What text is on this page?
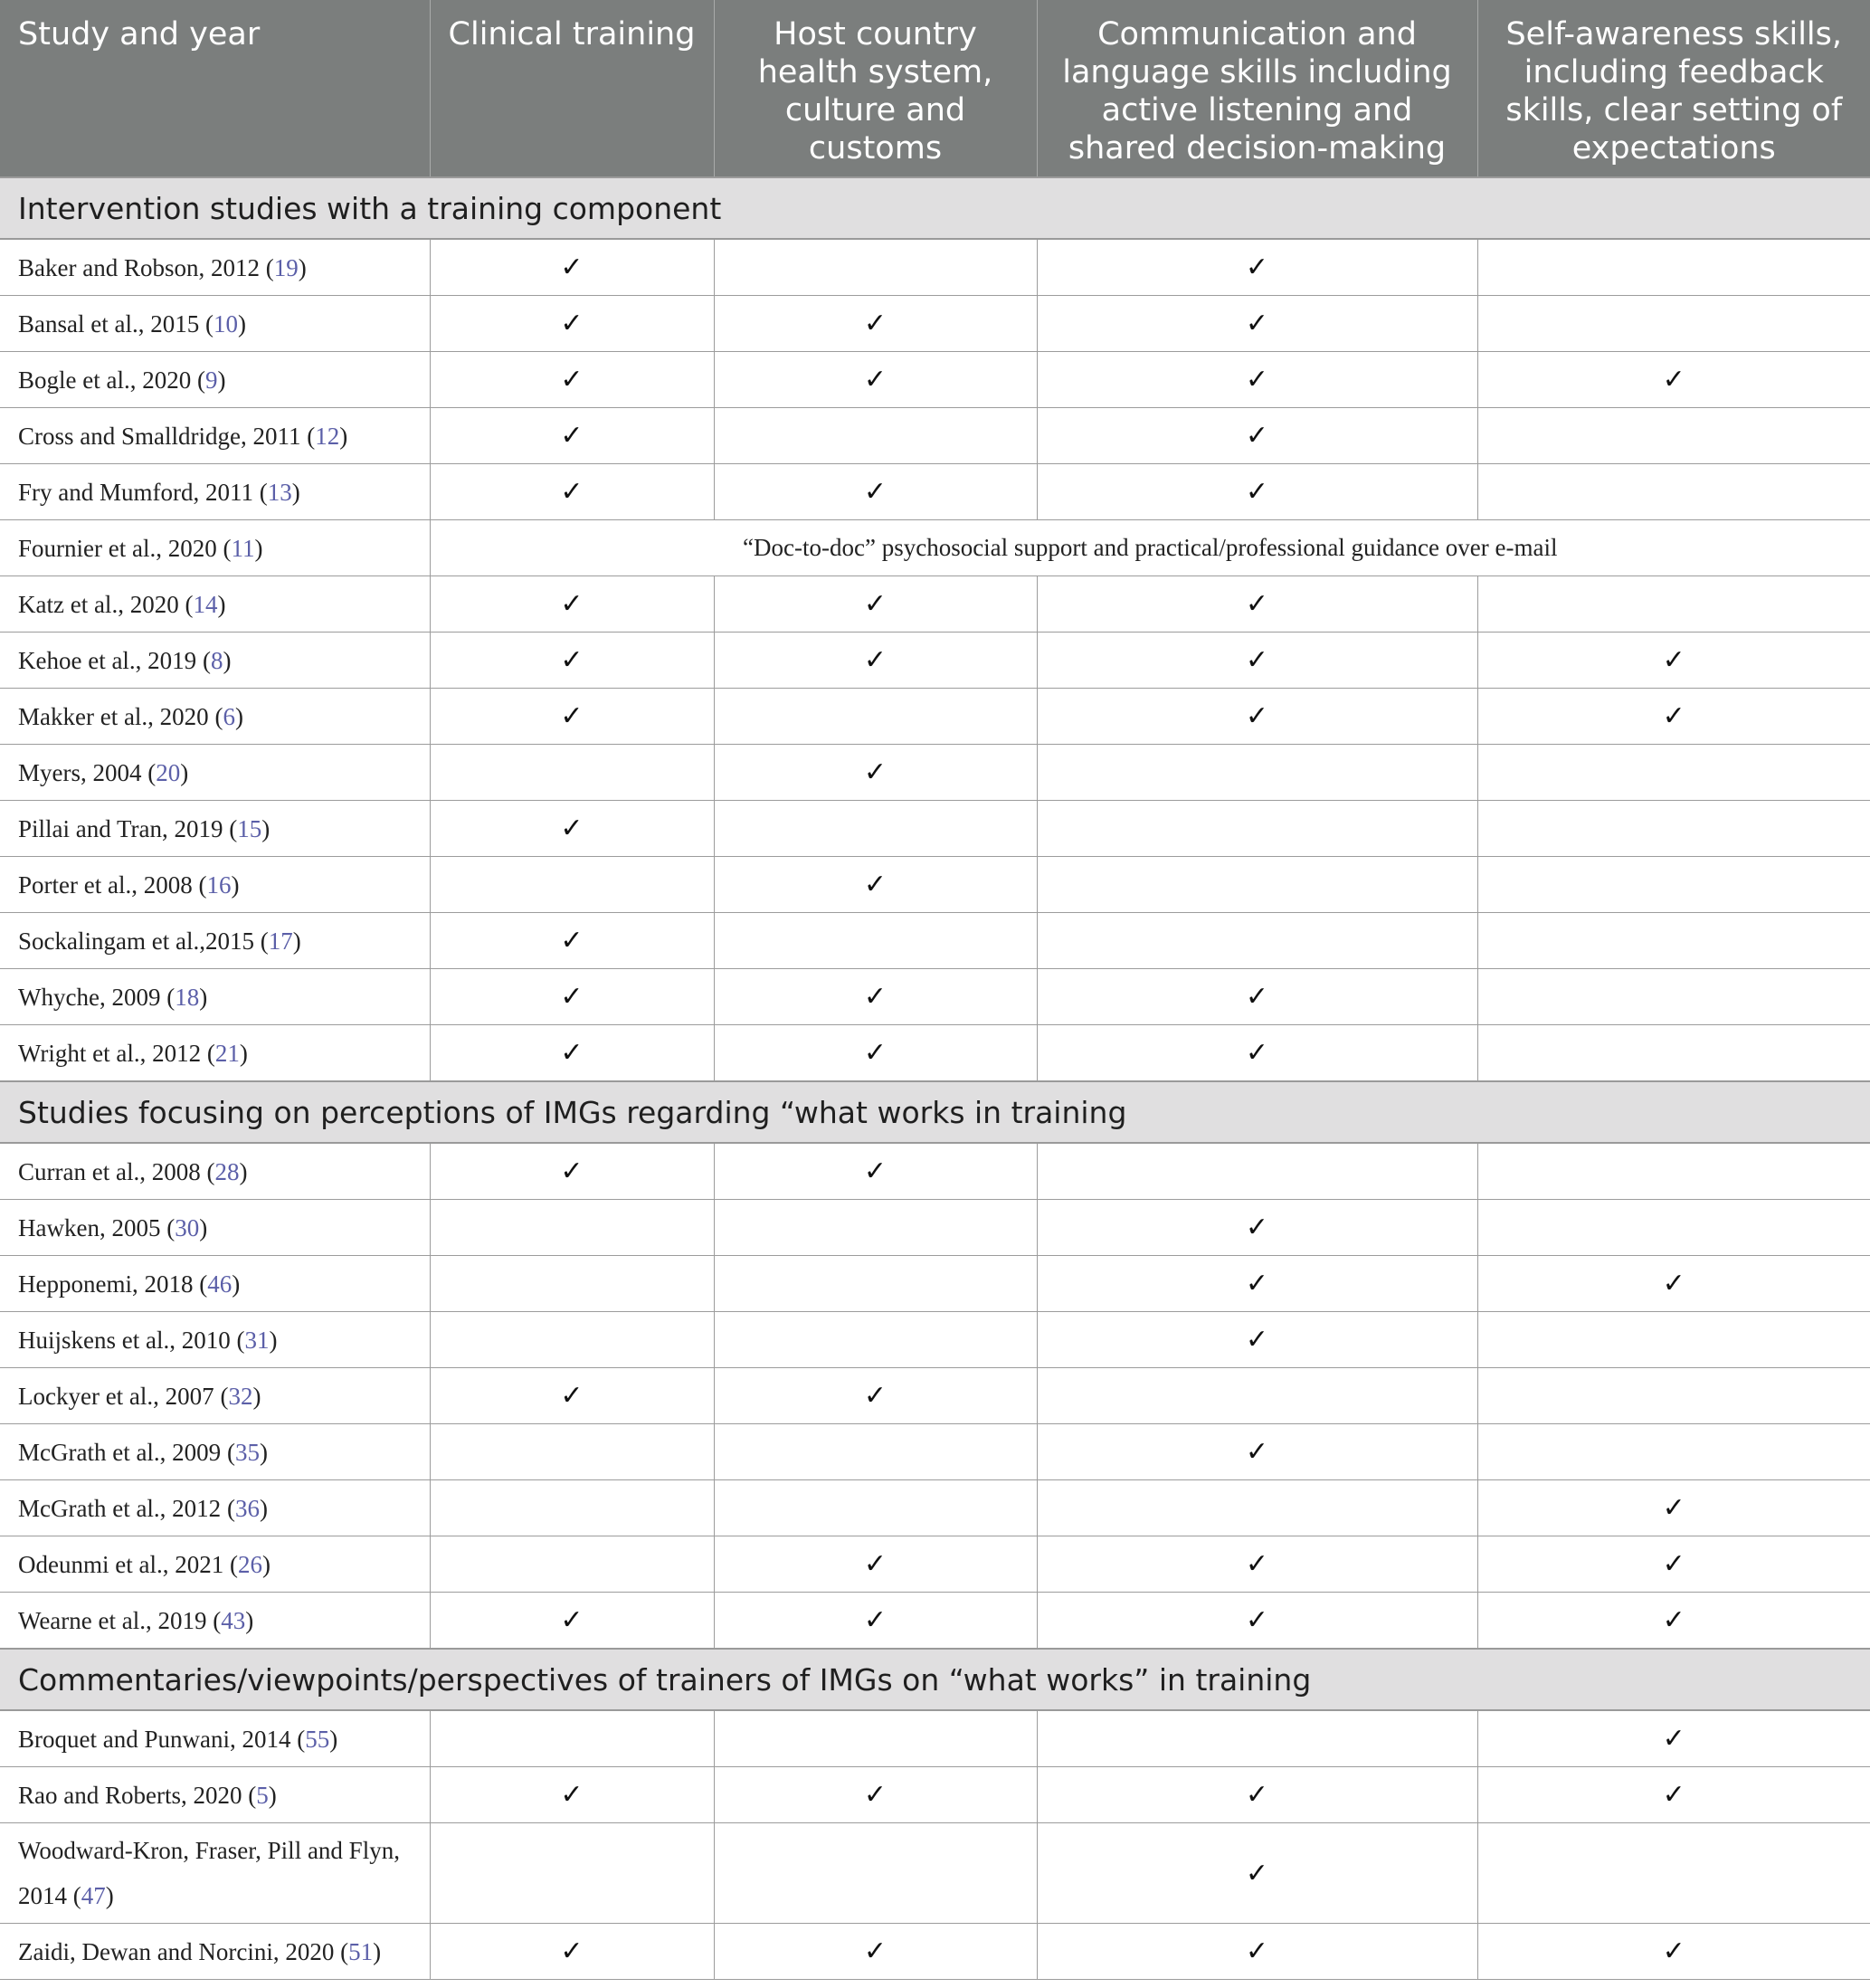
Study and year	Clinical training	Host country health system, culture and customs	Communication and language skills including active listening and shared decision-making	Self-awareness skills, including feedback skills, clear setting of expectations
Intervention studies with a training component				
Baker and Robson, 2012 (19)	✓		✓	
Bansal et al., 2015 (10)	✓	✓	✓	
Bogle et al., 2020 (9)	✓	✓	✓	✓
Cross and Smalldridge, 2011 (12)	✓		✓	
Fry and Mumford, 2011 (13)	✓	✓	✓	
Fournier et al., 2020 (11)	“Doc-to-doc” psychosocial support and practical/professional guidance over e-mail			
Katz et al., 2020 (14)	✓	✓	✓	
Kehoe et al., 2019 (8)	✓	✓	✓	✓
Makker et al., 2020 (6)	✓		✓	✓
Myers, 2004 (20)		✓		
Pillai and Tran, 2019 (15)	✓			
Porter et al., 2008 (16)		✓		
Sockalingam et al.,2015 (17)	✓			
Whyche, 2009 (18)	✓	✓	✓	
Wright et al., 2012 (21)	✓	✓	✓	
Studies focusing on perceptions of IMGs regarding “what works in training				
Curran et al., 2008 (28)	✓	✓		
Hawken, 2005 (30)			✓	
Hepponemi, 2018 (46)			✓	✓
Huijskens et al., 2010 (31)			✓	
Lockyer et al., 2007 (32)	✓	✓		
McGrath et al., 2009 (35)			✓	
McGrath et al., 2012 (36)				✓
Odeunmi et al., 2021 (26)		✓	✓	✓
Wearne et al., 2019 (43)	✓	✓	✓	✓
Commentaries/viewpoints/perspectives of trainers of IMGs on “what works” in training				
Broquet and Punwani, 2014 (55)				✓
Rao and Roberts, 2020 (5)	✓	✓	✓	✓
Woodward-Kron, Fraser, Pill and Flyn, 2014 (47)			✓	
Zaidi, Dewan and Norcini, 2020 (51)	✓	✓	✓	✓
